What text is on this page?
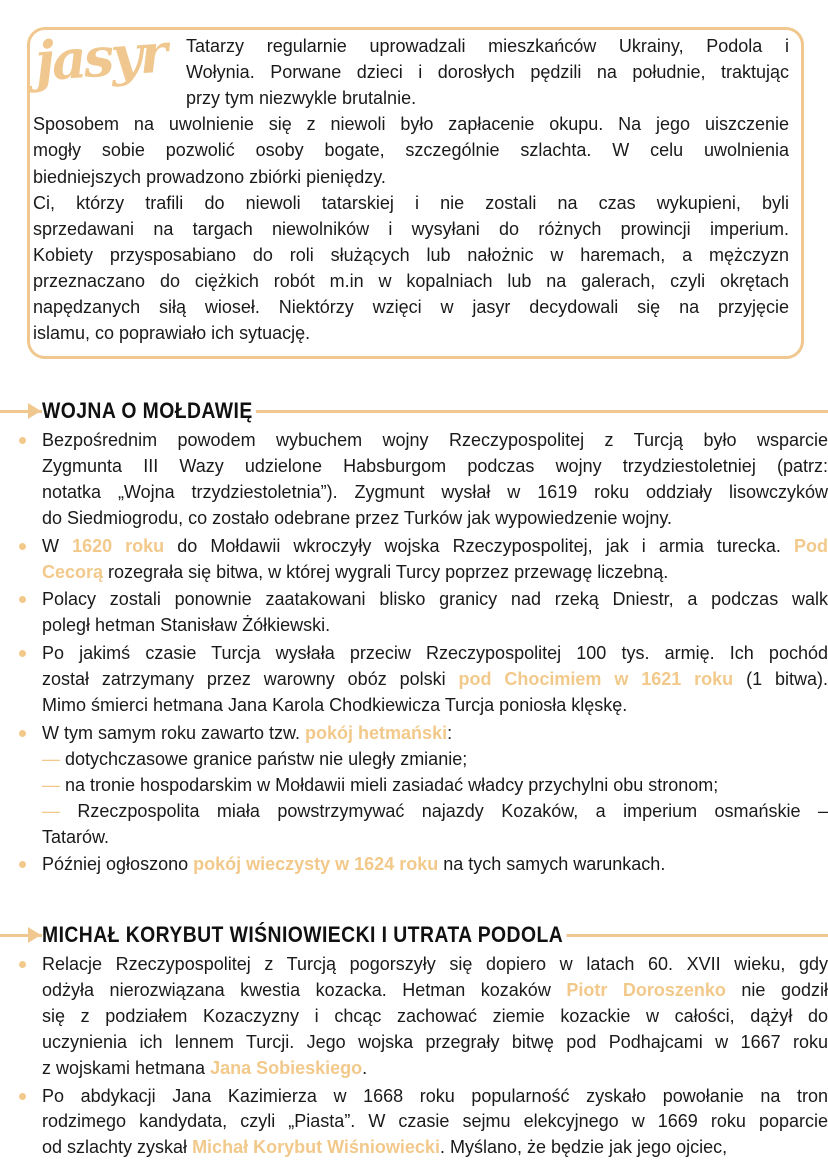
jasyr Tatarzy regularnie uprowadzali mieszkańców Ukrainy, Podola i
Wołynia. Porwane dzieci i dorosłych pędzili na południe, traktując
przy tym niezwykle brutalnie.
Sposobem na uwolnienie się z niewoli było zapłacenie okupu. Na jego uiszczenie
mogły sobie pozwolić osoby bogate, szczególnie szlachta. W celu uwolnienia
biedniejszych prowadzono zbiórki pieniędzy.
Ci, którzy trafili do niewoli tatarskiej i nie zostali na czas wykupieni, byli
sprzedawani na targach niewolników i wysyłani do różnych prowincji imperium.
Kobiety przysposabiano do roli służących lub nałożnic w haremach, a mężczyzn
przeznaczano do ciężkich robót m.in w kopalniach lub na galerach, czyli okrętach
napędzanych siłą wioseł. Niektórzy wzięci w jasyr decydowali się na przyjęcie
islamu, co poprawiało ich sytuację.
WOJNA O MOŁDAWIĘ
Bezpośrednim powodem wybuchem wojny Rzeczypospolitej z Turcją było wsparcie
Zygmunta III Wazy udzielone Habsburgom podczas wojny trzydziestoletniej (patrz:
notatka „Wojna trzydziestoletnia”). Zygmunt wysłał w 1619 roku oddziały lisowczyków
do Siedmiogrodu, co zostało odebrane przez Turków jak wypowiedzenie wojny.
W 1620 roku do Mołdawii wkroczyły wojska Rzeczypospolitej, jak i armia turecka. Pod
Cecorą rozegrała się bitwa, w której wygrali Turcy poprzez przewagę liczebną.
Polacy zostali ponownie zaatakowani blisko granicy nad rzeką Dniestr, a podczas walk
poległ hetman Stanisław Żółkiewski.
Po jakimś czasie Turcja wysłała przeciw Rzeczypospolitej 100 tys. armię. Ich pochód
został zatrzymany przez warowny obóz polski pod Chocimiem w 1621 roku (1 bitwa).
Mimo śmierci hetmana Jana Karola Chodkiewicza Turcja poniosła klęskę.
W tym samym roku zawarto tzw. pokój hetmański:
— dotychczasowe granice państw nie uległy zmianie;
— na tronie hospodarskim w Mołdawii mieli zasiadać władcy przychylni obu stronom;
— Rzeczpospolita miała powstrzymywać najazdy Kozaków, a imperium osmańskie –
Tatarów.
Później ogłoszono pokój wieczysty w 1624 roku na tych samych warunkach.
MICHAŁ KORYBUT WIŚNIOWIECKI I UTRATA PODOLA
Relacje Rzeczypospolitej z Turcją pogorszyły się dopiero w latach 60. XVII wieku, gdy
odżyła nierozwiązana kwestia kozacka. Hetman kozaków Piotr Doroszenko nie godził
się z podziałem Kozaczyzny i chcąc zachować ziemie kozackie w całości, dążył do
uczynienia ich lennem Turcji. Jego wojska przegrały bitwę pod Podhajcami w 1667 roku
z wojskami hetmana Jana Sobieskiego.
Po abdykacji Jana Kazimierza w 1668 roku popularność zyskało powołanie na tron
rodzimego kandydata, czyli „Piasta”. W czasie sejmu elekcyjnego w 1669 roku poparcie
od szlachty zyskał Michał Korybut Wiśniowiecki. Myślano, że będzie jak jego ojciec,
